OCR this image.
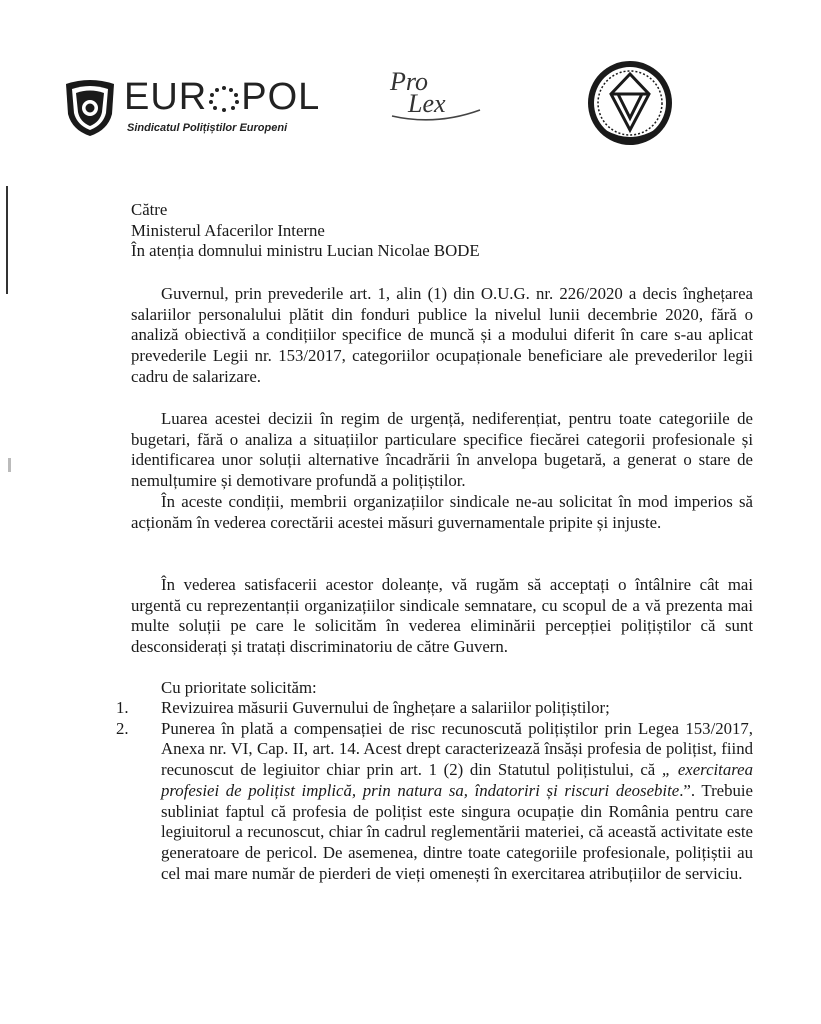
EUR POL
Sindicatul Polițiștilor Europeni
Pro
Lex
Către
Ministerul Afacerilor Interne
În atenția domnului ministru Lucian Nicolae BODE
Guvernul, prin prevederile art. 1, alin (1) din O.U.G. nr. 226/2020 a decis înghețarea salariilor personalului plătit din fonduri publice la nivelul lunii decembrie 2020, fără o analiză obiectivă a condițiilor specifice de muncă și a modului diferit în care s-au aplicat prevederile Legii nr. 153/2017, categoriilor ocupaționale beneficiare ale prevederilor legii cadru de salarizare.
Luarea acestei decizii în regim de urgență, nediferențiat, pentru toate categoriile de bugetari, fără o analiza a situațiilor particulare specifice fiecărei categorii profesionale și identificarea unor soluții alternative încadrării în anvelopa bugetară, a generat o stare de nemulțumire și demotivare profundă a polițiștilor.
În aceste condiții, membrii organizațiilor sindicale ne-au solicitat în mod imperios să acționăm în vederea corectării acestei măsuri guvernamentale pripite și injuste.
În vederea satisfacerii acestor doleanțe, vă rugăm să acceptați o întâlnire cât mai urgentă cu reprezentanții organizațiilor sindicale semnatare, cu scopul de a vă prezenta mai multe soluții pe care le solicităm în vederea eliminării percepției polițiștilor că sunt desconsiderați și tratați discriminatoriu de către Guvern.
Cu prioritate solicităm:
1. Revizuirea măsurii Guvernului de înghețare a salariilor polițiștilor;
2. Punerea în plată a compensației de risc recunoscută polițiștilor prin Legea 153/2017, Anexa nr. VI, Cap. II, art. 14. Acest drept caracterizează însăși profesia de polițist, fiind recunoscut de legiuitor chiar prin art. 1 (2) din Statutul polițistului, că „ exercitarea profesiei de polițist implică, prin natura sa, îndatoriri și riscuri deosebite.”. Trebuie subliniat faptul că profesia de polițist este singura ocupație din România pentru care legiuitorul a recunoscut, chiar în cadrul reglementării materiei, că această activitate este generatoare de pericol. De asemenea, dintre toate categoriile profesionale, polițiștii au cel mai mare număr de pierderi de vieți omenești în exercitarea atribuțiilor de serviciu.
